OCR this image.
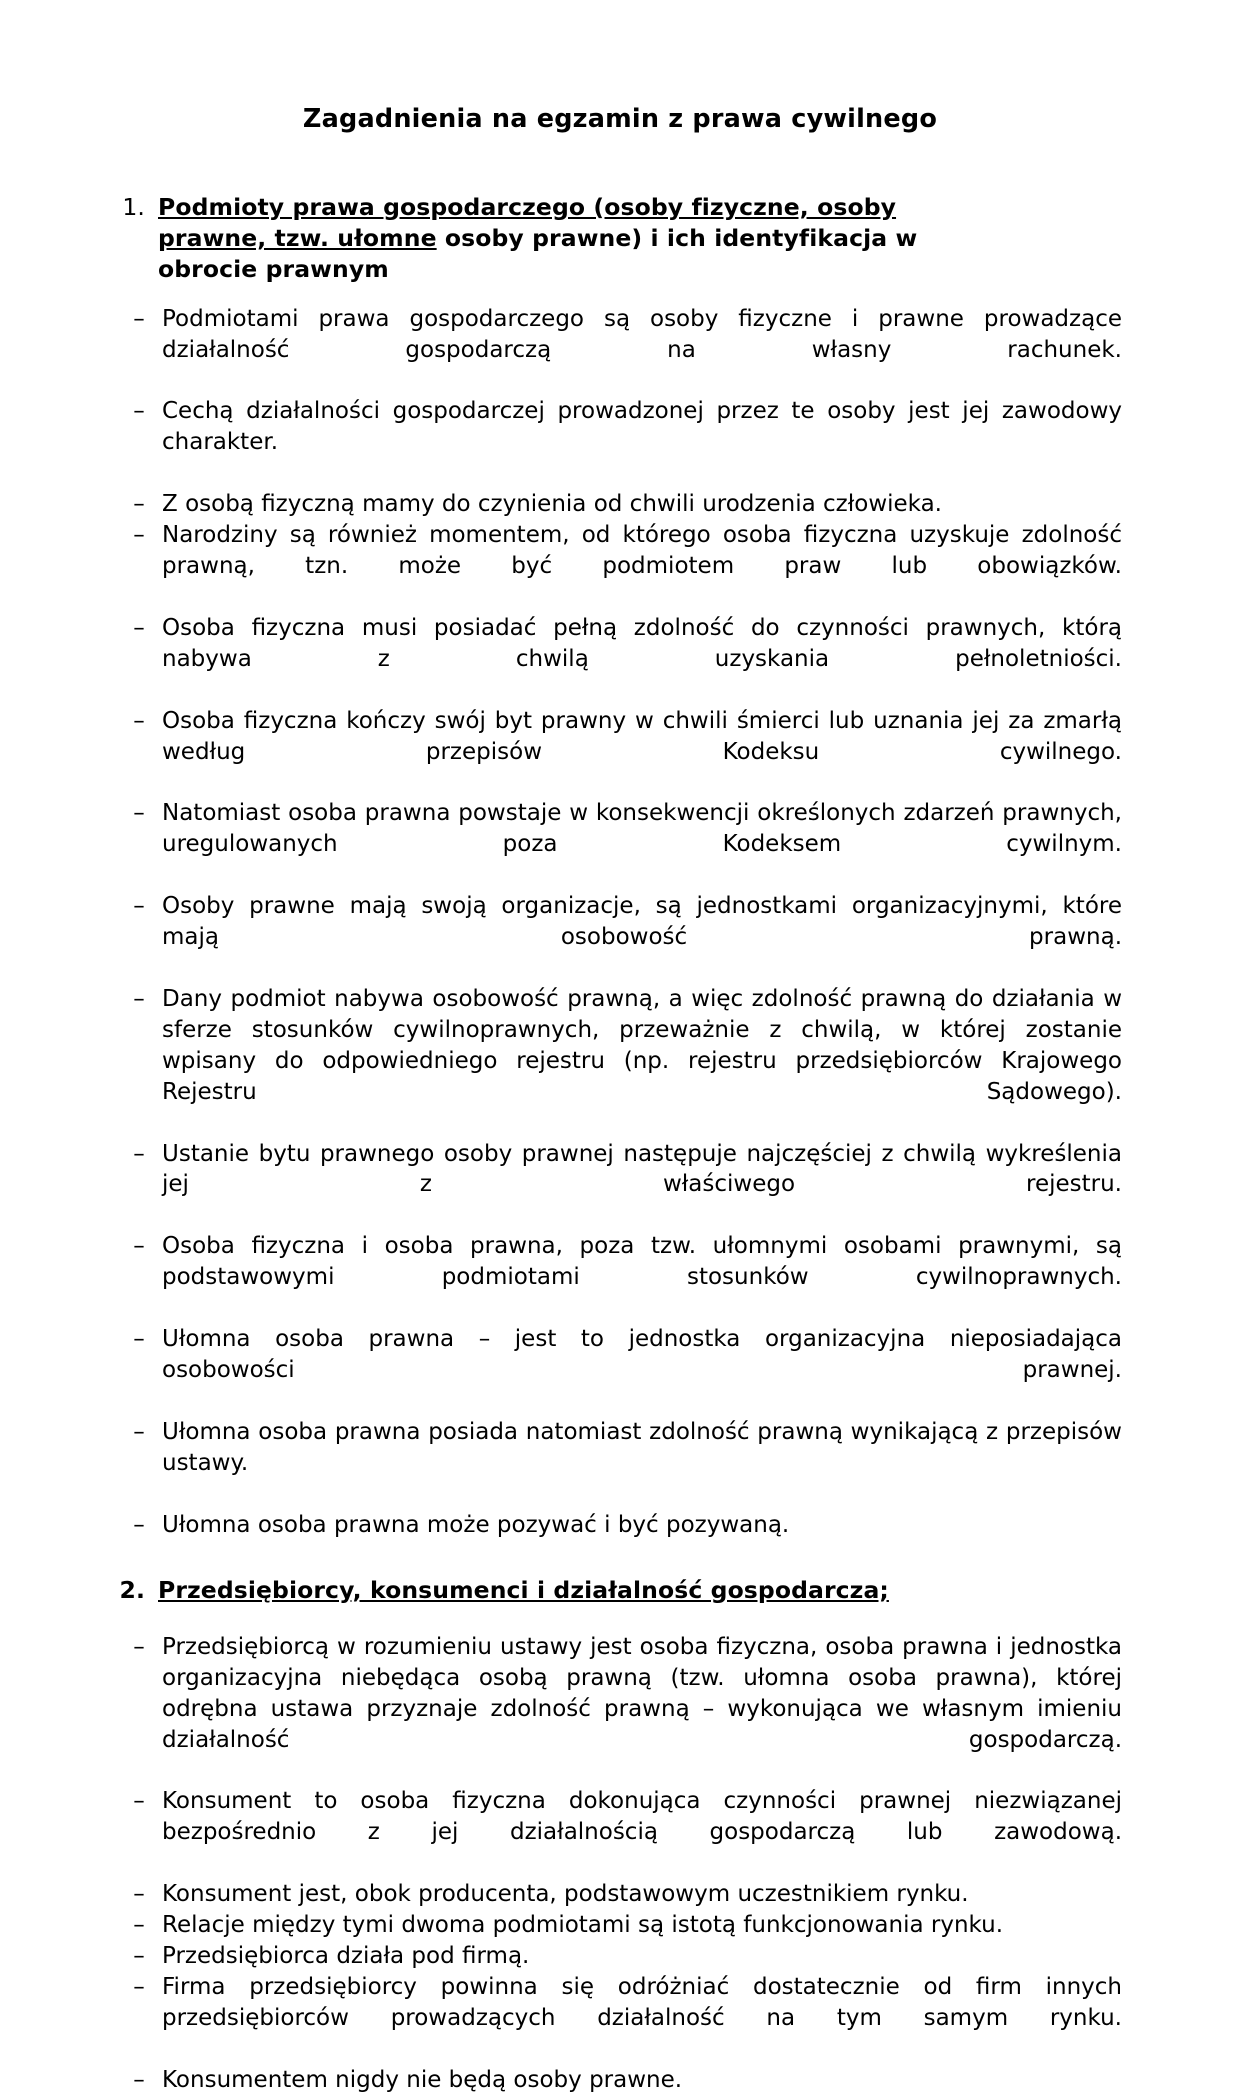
Zagadnienia na egzamin z prawa cywilnego
1. Podmioty prawa gospodarczego (osoby fizyczne, osoby prawne, tzw. ułomne osoby prawne) i ich identyfikacja w obrocie prawnym
– Podmiotami prawa gospodarczego są osoby fizyczne i prawne prowadzące działalność gospodarczą na własny rachunek.
– Cechą działalności gospodarczej prowadzonej przez te osoby jest jej zawodowy charakter.
– Z osobą fizyczną mamy do czynienia od chwili urodzenia człowieka.
– Narodziny są również momentem, od którego osoba fizyczna uzyskuje zdolność prawną, tzn. może być podmiotem praw lub obowiązków.
– Osoba fizyczna musi posiadać pełną zdolność do czynności prawnych, którą nabywa z chwilą uzyskania pełnoletniości.
– Osoba fizyczna kończy swój byt prawny w chwili śmierci lub uznania jej za zmarłą według przepisów Kodeksu cywilnego.
– Natomiast osoba prawna powstaje w konsekwencji określonych zdarzeń prawnych, uregulowanych poza Kodeksem cywilnym.
– Osoby prawne mają swoją organizacje, są jednostkami organizacyjnymi, które mają osobowość prawną.
– Dany podmiot nabywa osobowość prawną, a więc zdolność prawną do działania w sferze stosunków cywilnoprawnych, przeważnie z chwilą, w której zostanie wpisany do odpowiedniego rejestru (np. rejestru przedsiębiorców Krajowego Rejestru Sądowego).
– Ustanie bytu prawnego osoby prawnej następuje najczęściej z chwilą wykreślenia jej z właściwego rejestru.
– Osoba fizyczna i osoba prawna, poza tzw. ułomnymi osobami prawnymi, są podstawowymi podmiotami stosunków cywilnoprawnych.
– Ułomna osoba prawna – jest to jednostka organizacyjna nieposiadająca osobowości prawnej.
– Ułomna osoba prawna posiada natomiast zdolność prawną wynikającą z przepisów ustawy.
– Ułomna osoba prawna może pozywać i być pozywaną.
2. Przedsiębiorcy, konsumenci i działalność gospodarcza;
– Przedsiębiorcą w rozumieniu ustawy jest osoba fizyczna, osoba prawna i jednostka organizacyjna niebędąca osobą prawną (tzw. ułomna osoba prawna), której odrębna ustawa przyznaje zdolność prawną – wykonująca we własnym imieniu działalność gospodarczą.
– Konsument to osoba fizyczna dokonująca czynności prawnej niezwiązanej bezpośrednio z jej działalnością gospodarczą lub zawodową.
– Konsument jest, obok producenta, podstawowym uczestnikiem rynku.
– Relacje między tymi dwoma podmiotami są istotą funkcjonowania rynku.
– Przedsiębiorca działa pod firmą.
– Firma przedsiębiorcy powinna się odróżniać dostatecznie od firm innych przedsiębiorców prowadzących działalność na tym samym rynku.
– Konsumentem nigdy nie będą osoby prawne.
